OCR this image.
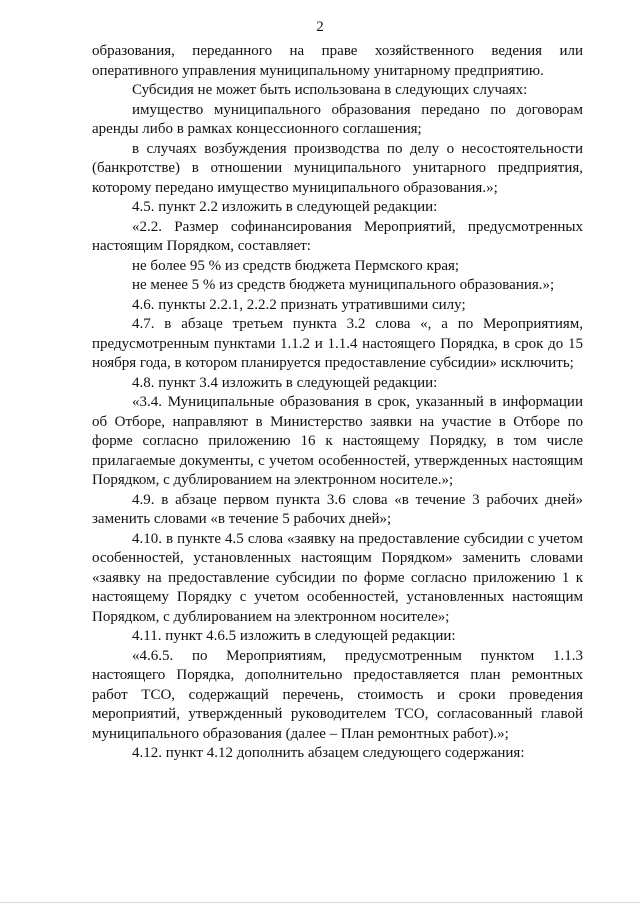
2

образования, переданного на праве хозяйственного ведения или оперативного управления муниципальному унитарному предприятию.

Субсидия не может быть использована в следующих случаях:

имущество муниципального образования передано по договорам аренды либо в рамках концессионного соглашения;

в случаях возбуждения производства по делу о несостоятельности (банкротстве) в отношении муниципального унитарного предприятия, которому передано имущество муниципального образования.»;

4.5. пункт 2.2 изложить в следующей редакции:

«2.2. Размер софинансирования Мероприятий, предусмотренных настоящим Порядком, составляет:

не более 95 % из средств бюджета Пермского края;

не менее 5 % из средств бюджета муниципального образования.»;

4.6. пункты 2.2.1, 2.2.2 признать утратившими силу;

4.7. в абзаце третьем пункта 3.2 слова «, а по Мероприятиям, предусмотренным пунктами 1.1.2 и 1.1.4 настоящего Порядка, в срок до 15 ноября года, в котором планируется предоставление субсидии» исключить;

4.8. пункт 3.4 изложить в следующей редакции:

«3.4. Муниципальные образования в срок, указанный в информации об Отборе, направляют в Министерство заявки на участие в Отборе по форме согласно приложению 16 к настоящему Порядку, в том числе прилагаемые документы, с учетом особенностей, утвержденных настоящим Порядком, с дублированием на электронном носителе.»;

4.9. в абзаце первом пункта 3.6 слова «в течение 3 рабочих дней» заменить словами «в течение 5 рабочих дней»;

4.10. в пункте 4.5 слова «заявку на предоставление субсидии с учетом особенностей, установленных настоящим Порядком» заменить словами «заявку на предоставление субсидии по форме согласно приложению 1 к настоящему Порядку с учетом особенностей, установленных настоящим Порядком, с дублированием на электронном носителе»;

4.11. пункт 4.6.5 изложить в следующей редакции:

«4.6.5. по Мероприятиям, предусмотренным пунктом 1.1.3 настоящего Порядка, дополнительно предоставляется план ремонтных работ ТСО, содержащий перечень, стоимость и сроки проведения мероприятий, утвержденный руководителем ТСО, согласованный главой муниципального образования (далее – План ремонтных работ).»;

4.12. пункт 4.12 дополнить абзацем следующего содержания:
